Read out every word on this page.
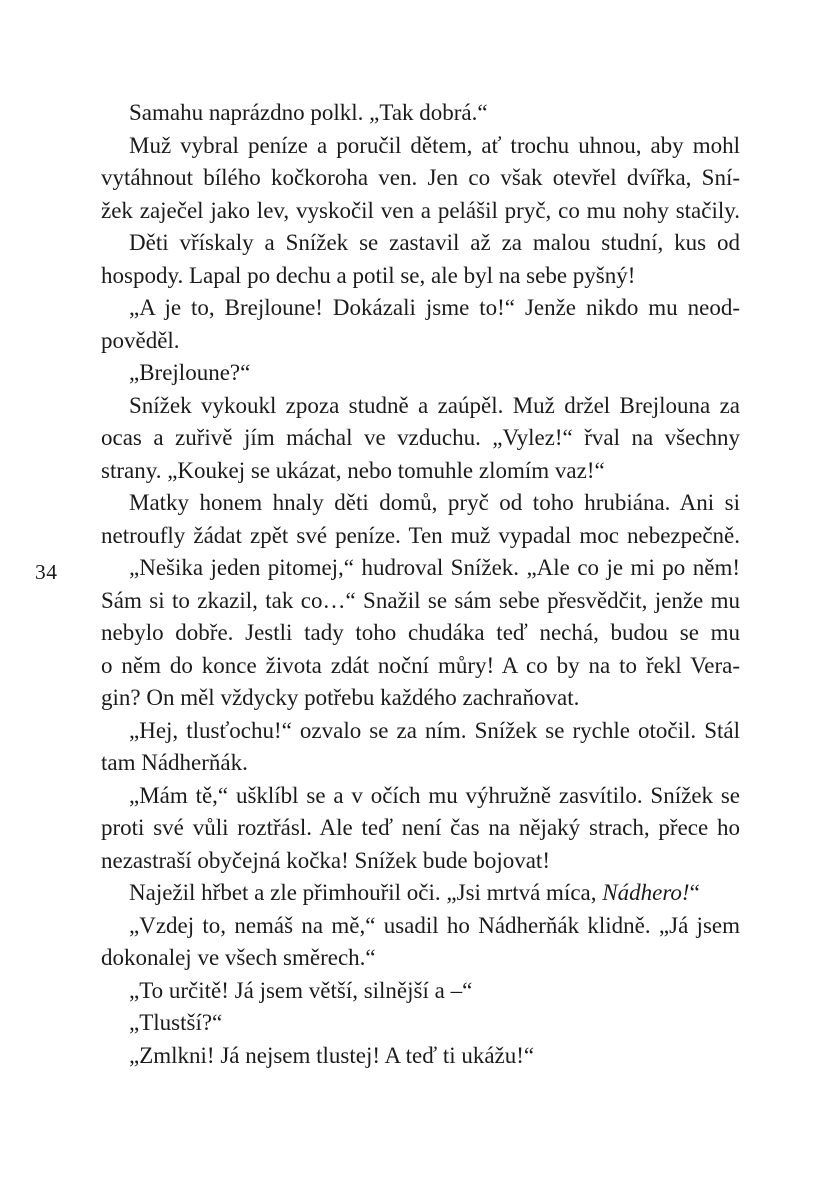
34

Samahu naprázdno polkl. „Tak dobrá.“

Muž vybral peníze a poručil dětem, ať trochu uhnou, aby mohl
vytáhnout bílého kočkoroha ven. Jen co však otevřel dvířka, Sní-
žek zaječel jako lev, vyskočil ven a pelášil pryč, co mu nohy stačily.

Děti vřískaly a Snížek se zastavil až za malou studní, kus od
hospody. Lapal po dechu a potil se, ale byl na sebe pyšný!

„A je to, Brejloune! Dokázali jsme to!“ Jenže nikdo mu neod-
pověděl.

„Brejloune?“

Snížek vykoukl zpoza studně a zaúpěl. Muž držel Brejlouna za
ocas a zuřivě jím máchal ve vzduchu. „Vylez!“ řval na všechny
strany. „Koukej se ukázat, nebo tomuhle zlomím vaz!“

Matky honem hnaly děti domů, pryč od toho hrubiána. Ani si
netroufly žádat zpět své peníze. Ten muž vypadal moc nebezpečně.

„Nešika jeden pitomej,“ hudroval Snížek. „Ale co je mi po něm!
Sám si to zkazil, tak co…“ Snažil se sám sebe přesvědčit, jenže mu
nebylo dobře. Jestli tady toho chudáka teď nechá, budou se mu
o něm do konce života zdát noční můry! A co by na to řekl Vera-
gin? On měl vždycky potřebu každého zachraňovat.

„Hej, tlusťochu!“ ozvalo se za ním. Snížek se rychle otočil. Stál
tam Nádherňák.

„Mám tě,“ ušklíbl se a v očích mu výhružně zasvítilo. Snížek se
proti své vůli roztřásl. Ale teď není čas na nějaký strach, přece ho
nezastraší obyčejná kočka! Snížek bude bojovat!

Naježil hřbet a zle přimhouřil oči. „Jsi mrtvá míca, Nádhero!“

„Vzdej to, nemáš na mě,“ usadil ho Nádherňák klidně. „Já jsem
dokonalej ve všech směrech.“

„To určitě! Já jsem větší, silnější a –“

„Tlustší?“

„Zmlkni! Já nejsem tlustej! A teď ti ukážu!“
